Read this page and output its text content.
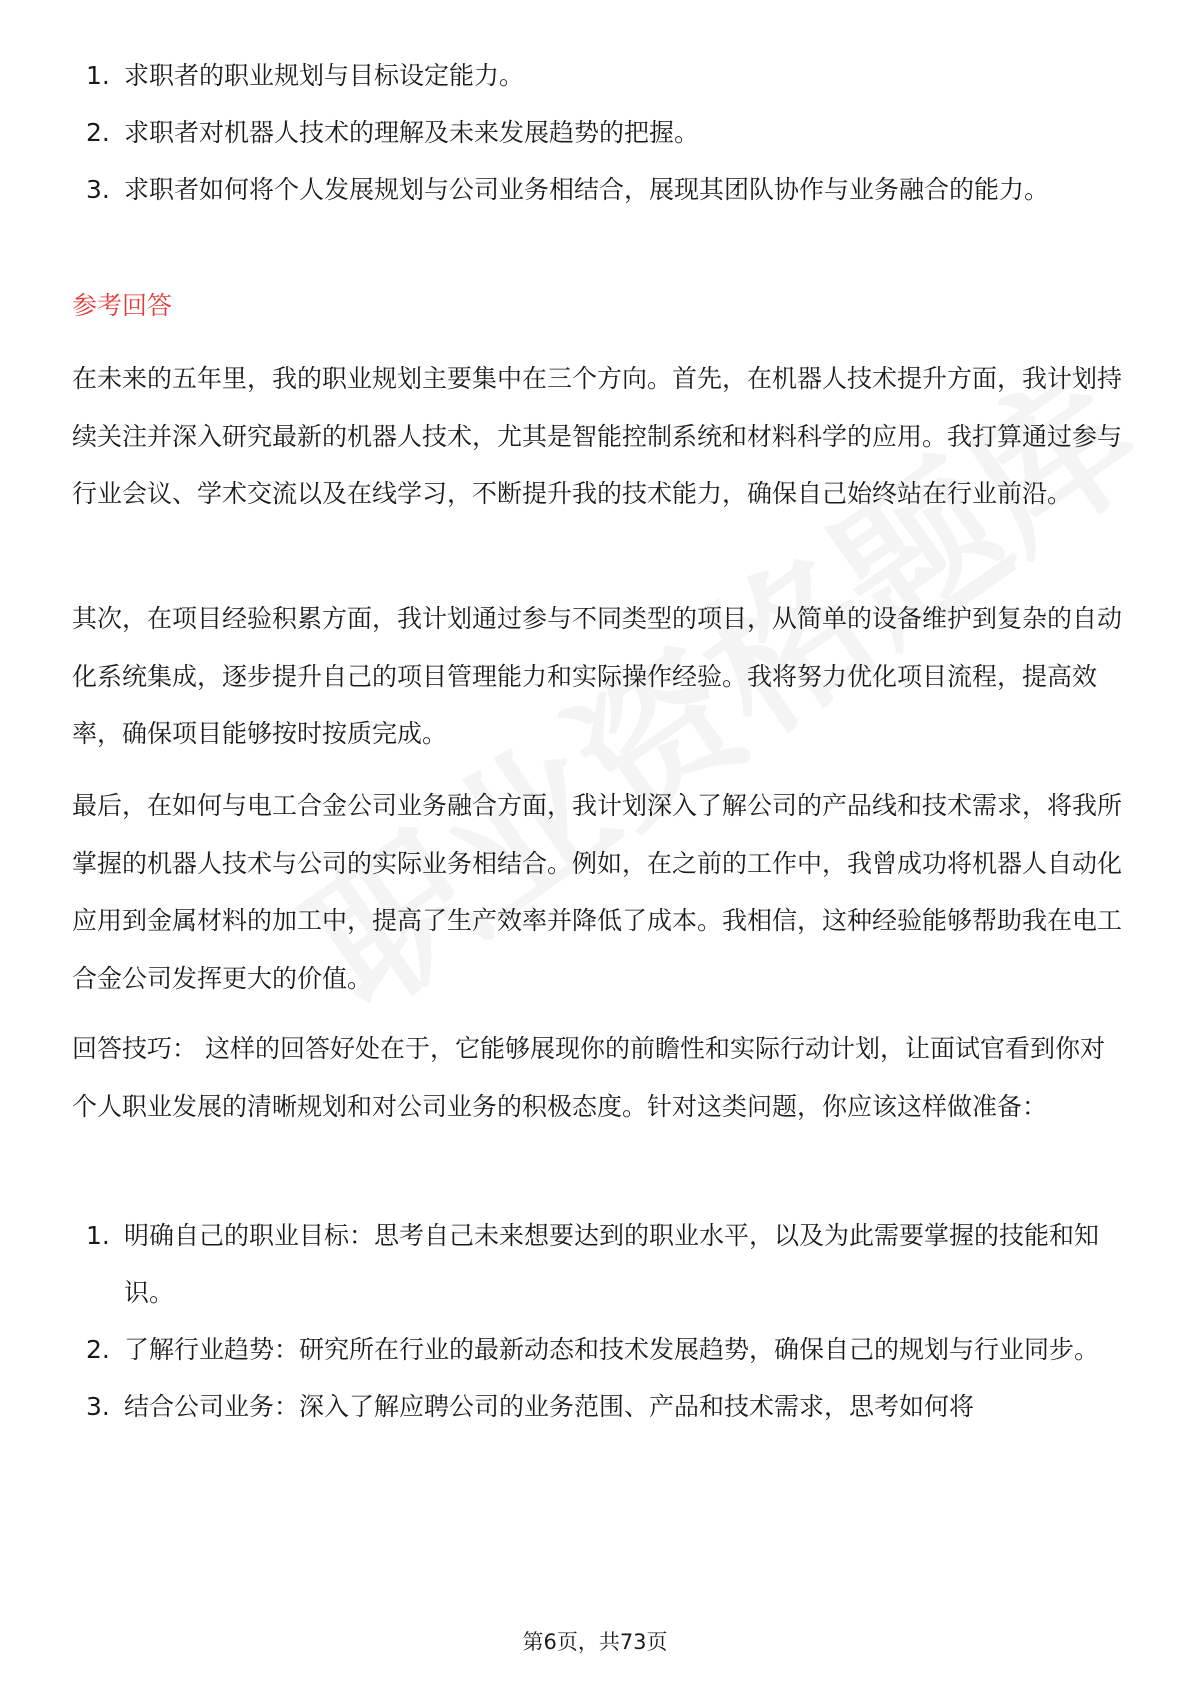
1. 求职者的职业规划与目标设定能力。
2. 求职者对机器人技术的理解及未来发展趋势的把握。
3. 求职者如何将个人发展规划与公司业务相结合，展现其团队协作与业务融合的能力。
参考回答

在未来的五年里，我的职业规划主要集中在三个方向。首先，在机器人技术提升方面，我计划持续关注并深入研究最新的机器人技术，尤其是智能控制系统和材料科学的应用。我打算通过参与行业会议、学术交流以及在线学习，不断提升我的技术能力，确保自己始终站在行业前沿。

其次，在项目经验积累方面，我计划通过参与不同类型的项目，从简单的设备维护到复杂的自动化系统集成，逐步提升自己的项目管理能力和实际操作经验。我将努力优化项目流程，提高效率，确保项目能够按时按质完成。

最后，在如何与电工合金公司业务融合方面，我计划深入了解公司的产品线和技术需求，将我所掌握的机器人技术与公司的实际业务相结合。例如，在之前的工作中，我曾成功将机器人自动化应用到金属材料的加工中，提高了生产效率并降低了成本。我相信，这种经验能够帮助我在电工合金公司发挥更大的价值。

回答技巧： 这样的回答好处在于，它能够展现你的前瞻性和实际行动计划，让面试官看到你对个人职业发展的清晰规划和对公司业务的积极态度。针对这类问题，你应该这样做准备：

1. 明确自己的职业目标：思考自己未来想要达到的职业水平，以及为此需要掌握的技能和知识。
2. 了解行业趋势：研究所在行业的最新动态和技术发展趋势，确保自己的规划与行业同步。
3. 结合公司业务：深入了解应聘公司的业务范围、产品和技术需求，思考如何将
第6页，共73页
